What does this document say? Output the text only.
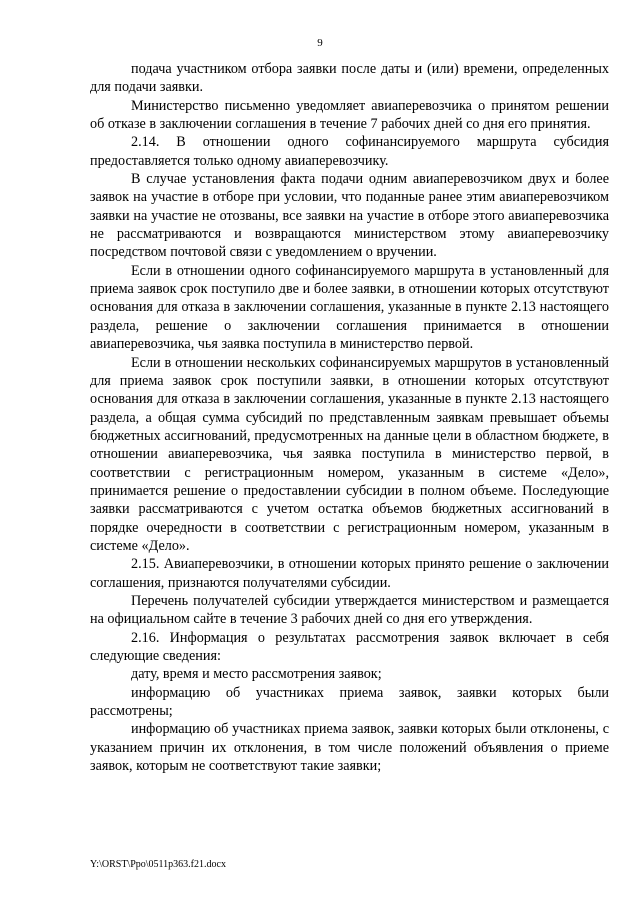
9

подача участником отбора заявки после даты и (или) времени, определенных для подачи заявки.

Министерство письменно уведомляет авиаперевозчика о принятом решении об отказе в заключении соглашения в течение 7 рабочих дней со дня его принятия.

2.14. В отношении одного софинансируемого маршрута субсидия предоставляется только одному авиаперевозчику.

В случае установления факта подачи одним авиаперевозчиком двух и более заявок на участие в отборе при условии, что поданные ранее этим авиаперевозчиком заявки на участие не отозваны, все заявки на участие в отборе этого авиаперевозчика не рассматриваются и возвращаются министерством этому авиаперевозчику посредством почтовой связи с уведомлением о вручении.

Если в отношении одного софинансируемого маршрута в установленный для приема заявок срок поступило две и более заявки, в отношении которых отсутствуют основания для отказа в заключении соглашения, указанные в пункте 2.13 настоящего раздела, решение о заключении соглашения принимается в отношении авиаперевозчика, чья заявка поступила в министерство первой.

Если в отношении нескольких софинансируемых маршрутов в установленный для приема заявок срок поступили заявки, в отношении которых отсутствуют основания для отказа в заключении соглашения, указанные в пункте 2.13 настоящего раздела, а общая сумма субсидий по представленным заявкам превышает объемы бюджетных ассигнований, предусмотренных на данные цели в областном бюджете, в отношении авиаперевозчика, чья заявка поступила в министерство первой, в соответствии с регистрационным номером, указанным в системе «Дело», принимается решение о предоставлении субсидии в полном объеме. Последующие заявки рассматриваются с учетом остатка объемов бюджетных ассигнований в порядке очередности в соответствии с регистрационным номером, указанным в системе «Дело».

2.15. Авиаперевозчики, в отношении которых принято решение о заключении соглашения, признаются получателями субсидии.

Перечень получателей субсидии утверждается министерством и размещается на официальном сайте в течение 3 рабочих дней со дня его утверждения.

2.16. Информация о результатах рассмотрения заявок включает в себя следующие сведения:

дату, время и место рассмотрения заявок;

информацию об участниках приема заявок, заявки которых были рассмотрены;

информацию об участниках приема заявок, заявки которых были отклонены, с указанием причин их отклонения, в том числе положений объявления о приеме заявок, которым не соответствуют такие заявки;

Y:\ORST\Ppo\0511p363.f21.docx
